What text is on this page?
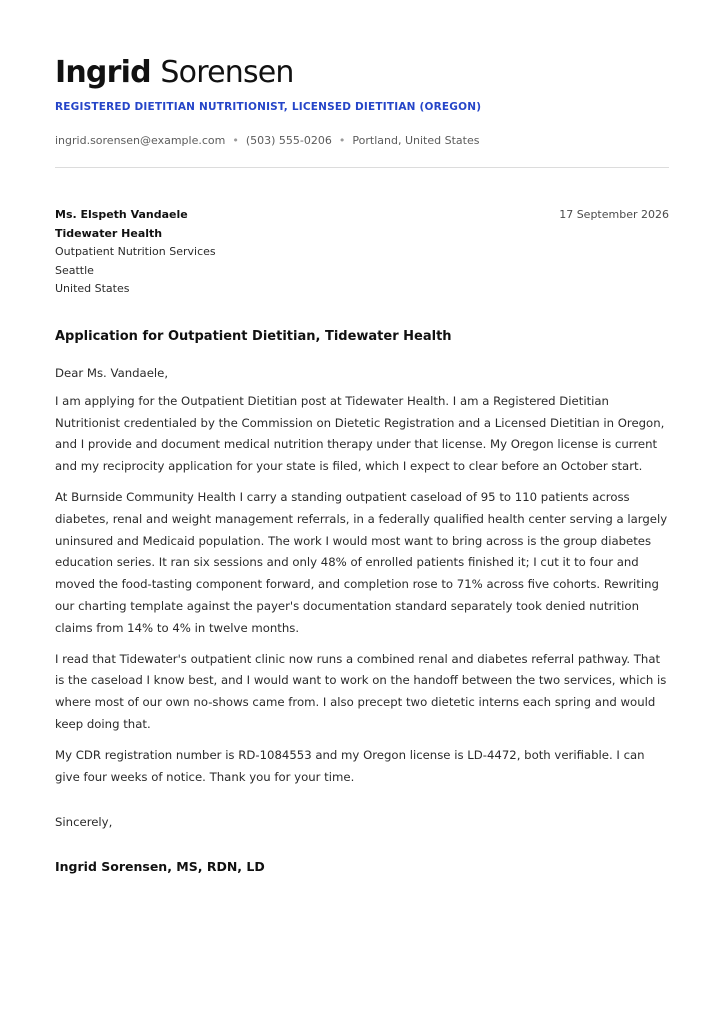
Ingrid Sorensen
REGISTERED DIETITIAN NUTRITIONIST, LICENSED DIETITIAN (OREGON)
ingrid.sorensen@example.com • (503) 555-0206 • Portland, United States
Ms. Elspeth Vandaele
Tidewater Health
Outpatient Nutrition Services
Seattle
United States
17 September 2026
Application for Outpatient Dietitian, Tidewater Health
Dear Ms. Vandaele,
I am applying for the Outpatient Dietitian post at Tidewater Health. I am a Registered Dietitian Nutritionist credentialed by the Commission on Dietetic Registration and a Licensed Dietitian in Oregon, and I provide and document medical nutrition therapy under that license. My Oregon license is current and my reciprocity application for your state is filed, which I expect to clear before an October start.
At Burnside Community Health I carry a standing outpatient caseload of 95 to 110 patients across diabetes, renal and weight management referrals, in a federally qualified health center serving a largely uninsured and Medicaid population. The work I would most want to bring across is the group diabetes education series. It ran six sessions and only 48% of enrolled patients finished it; I cut it to four and moved the food-tasting component forward, and completion rose to 71% across five cohorts. Rewriting our charting template against the payer's documentation standard separately took denied nutrition claims from 14% to 4% in twelve months.
I read that Tidewater's outpatient clinic now runs a combined renal and diabetes referral pathway. That is the caseload I know best, and I would want to work on the handoff between the two services, which is where most of our own no-shows came from. I also precept two dietetic interns each spring and would keep doing that.
My CDR registration number is RD-1084553 and my Oregon license is LD-4472, both verifiable. I can give four weeks of notice. Thank you for your time.
Sincerely,
Ingrid Sorensen, MS, RDN, LD
